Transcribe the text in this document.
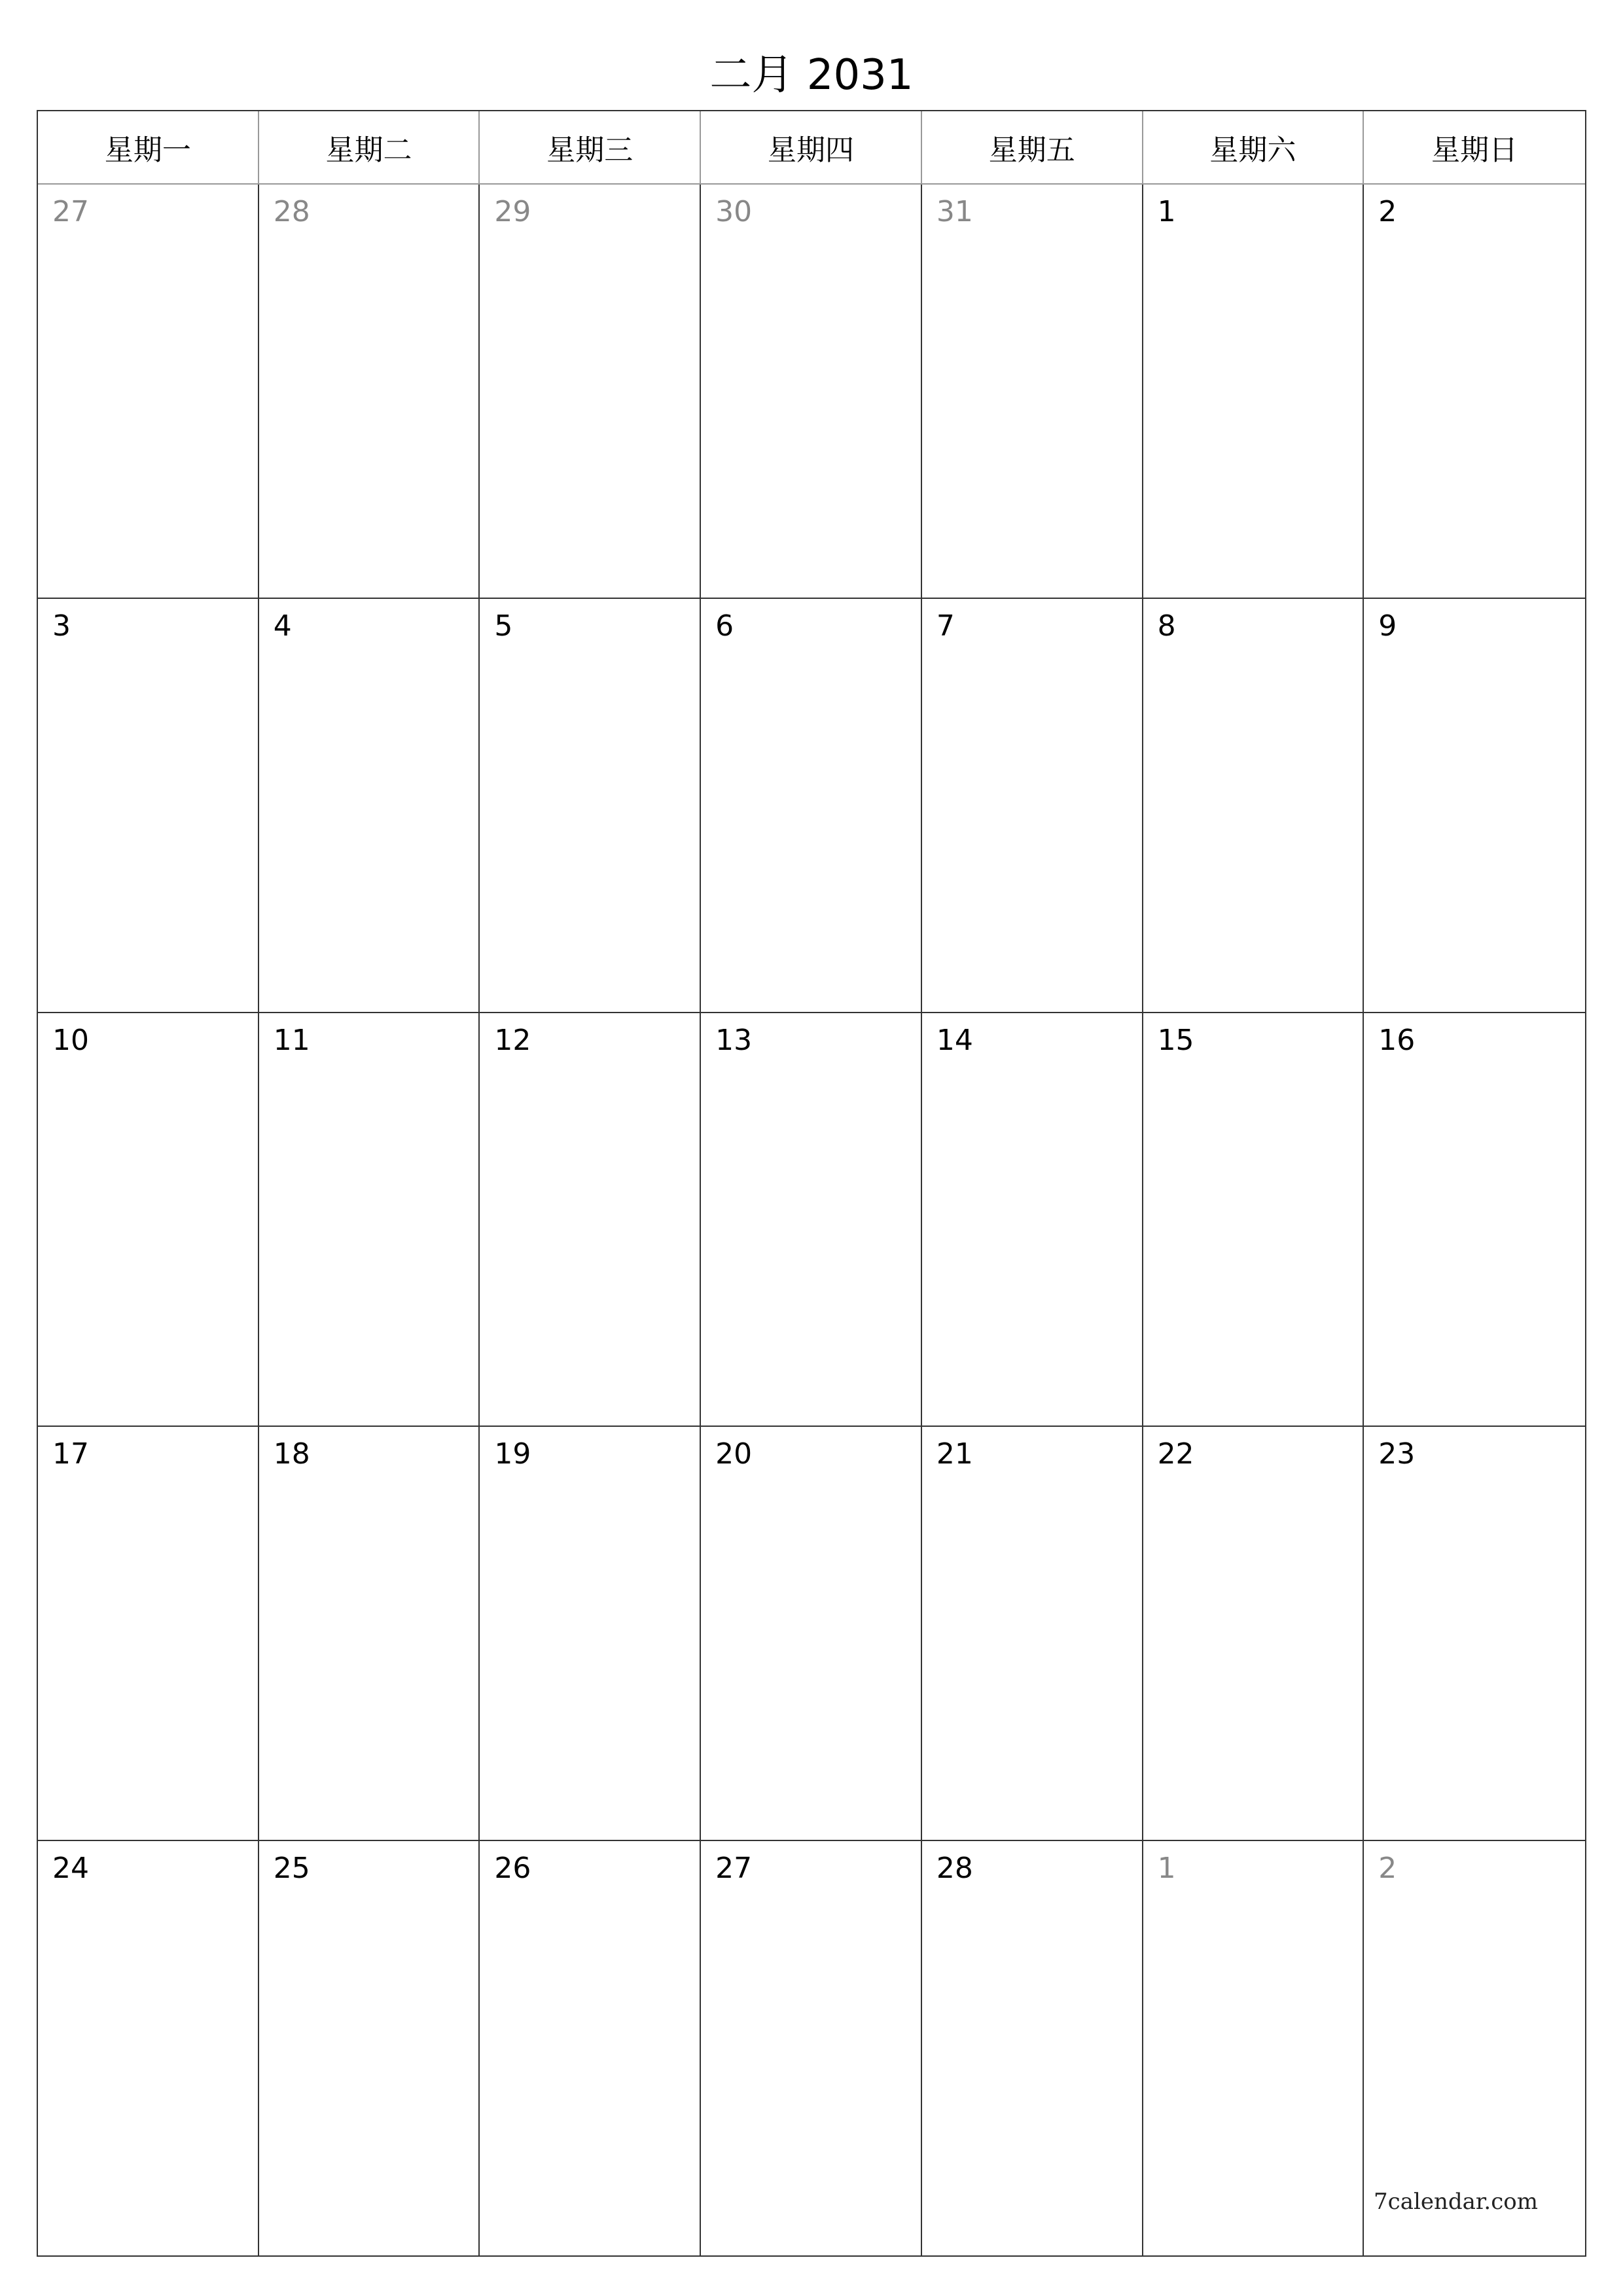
二月 2031
星期一	星期二	星期三	星期四	星期五	星期六	星期日
27	28	29	30	31	1	2
3	4	5	6	7	8	9
10	11	12	13	14	15	16
17	18	19	20	21	22	23
24	25	26	27	28	1	2
7calendar.com
